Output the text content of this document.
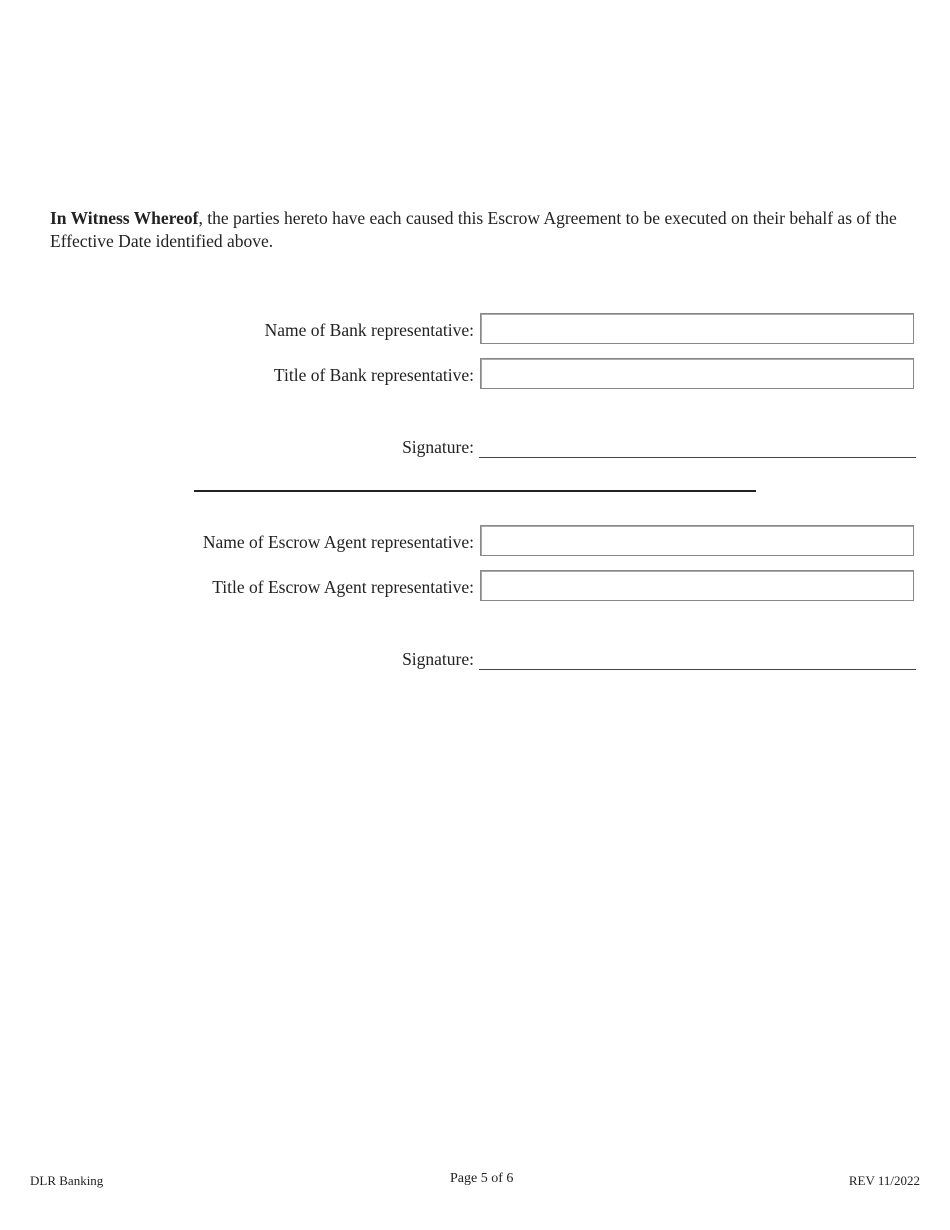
In Witness Whereof, the parties hereto have each caused this Escrow Agreement to be executed on their behalf as of the Effective Date identified above.
Name of Bank representative:
Title of Bank representative:
Signature:
Name of Escrow Agent representative:
Title of Escrow Agent representative:
Signature:
DLR Banking	Page 5 of 6	REV 11/2022
